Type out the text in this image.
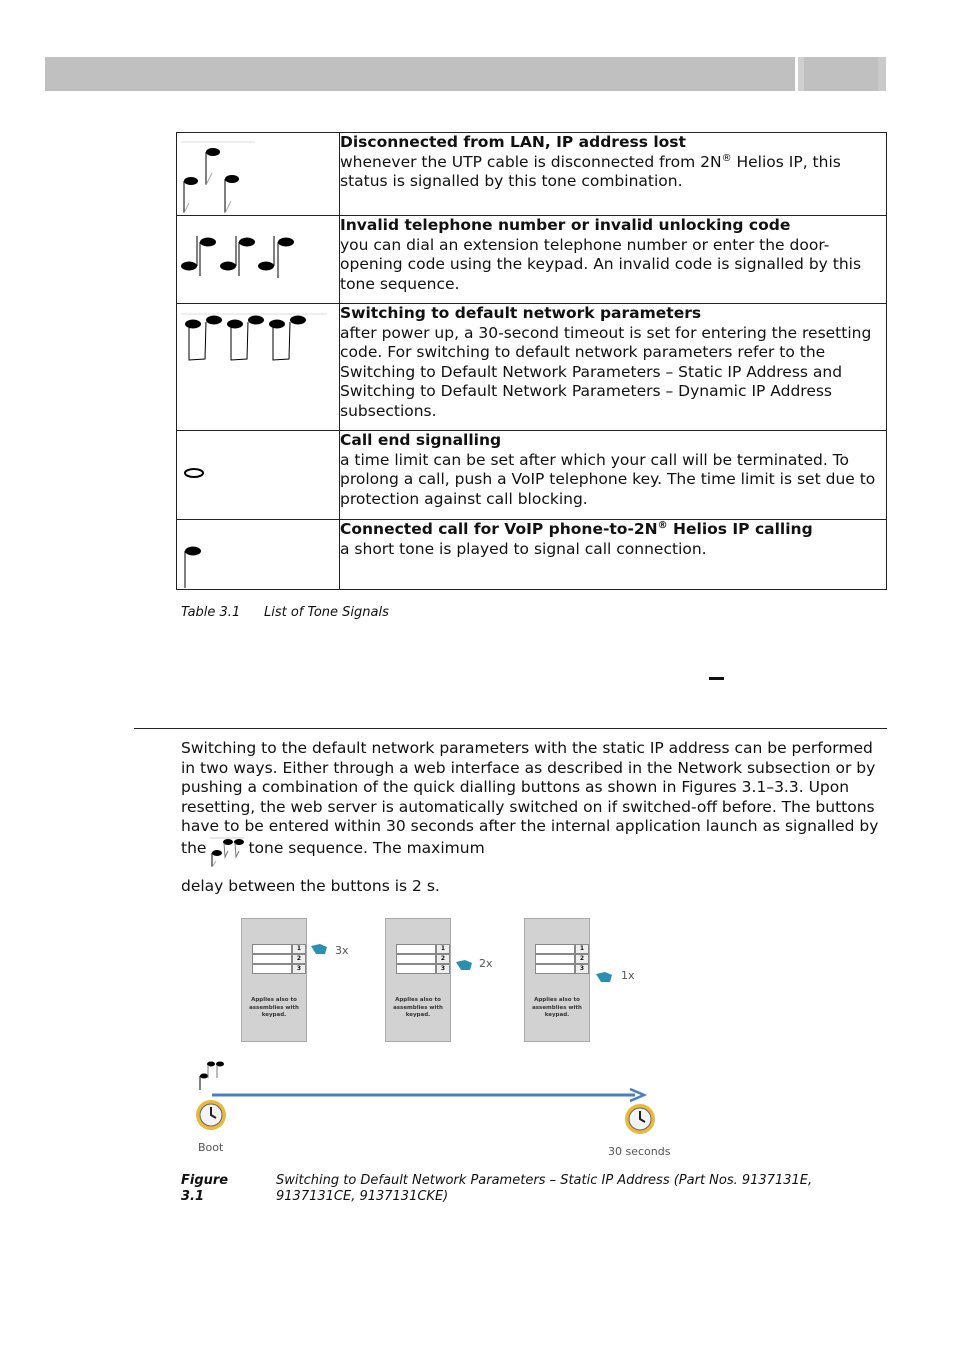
Disconnected from LAN, IP address lost
whenever the UTP cable is disconnected from 2N® Helios IP, this status is signalled by this tone combination.

Invalid telephone number or invalid unlocking code
you can dial an extension telephone number or enter the door-opening code using the keypad. An invalid code is signalled by this tone sequence.

Switching to default network parameters
after power up, a 30-second timeout is set for entering the resetting code. For switching to default network parameters refer to the Switching to Default Network Parameters – Static IP Address and Switching to Default Network Parameters – Dynamic IP Address subsections.

Call end signalling
a time limit can be set after which your call will be terminated. To prolong a call, push a VoIP telephone key. The time limit is set due to protection against call blocking.

Connected call for VoIP phone-to-2N® Helios IP calling
a short tone is played to signal call connection.
Table 3.1 List of Tone Signals

Switching to the default network parameters with the static IP address can be performed in two ways. Either through a web interface as described in the Network subsection or by pushing a combination of the quick dialling buttons as shown in Figures 3.1–3.3. Upon resetting, the web server is automatically switched on if switched-off before. The buttons have to be entered within 30 seconds after the internal application launch as signalled by the	tone sequence. The maximum

delay between the buttons is 2 s.

1
2
3
Applies also to assemblies with keypad.
3x	1
2
3
Applies also to assemblies with keypad.
2x
1
2
3
Applies also to assemblies with keypad.
1x
Boot	30 seconds
Figure 3.1
Switching to Default Network Parameters – Static IP Address (Part Nos. 9137131E, 9137131CE, 9137131CKE)
